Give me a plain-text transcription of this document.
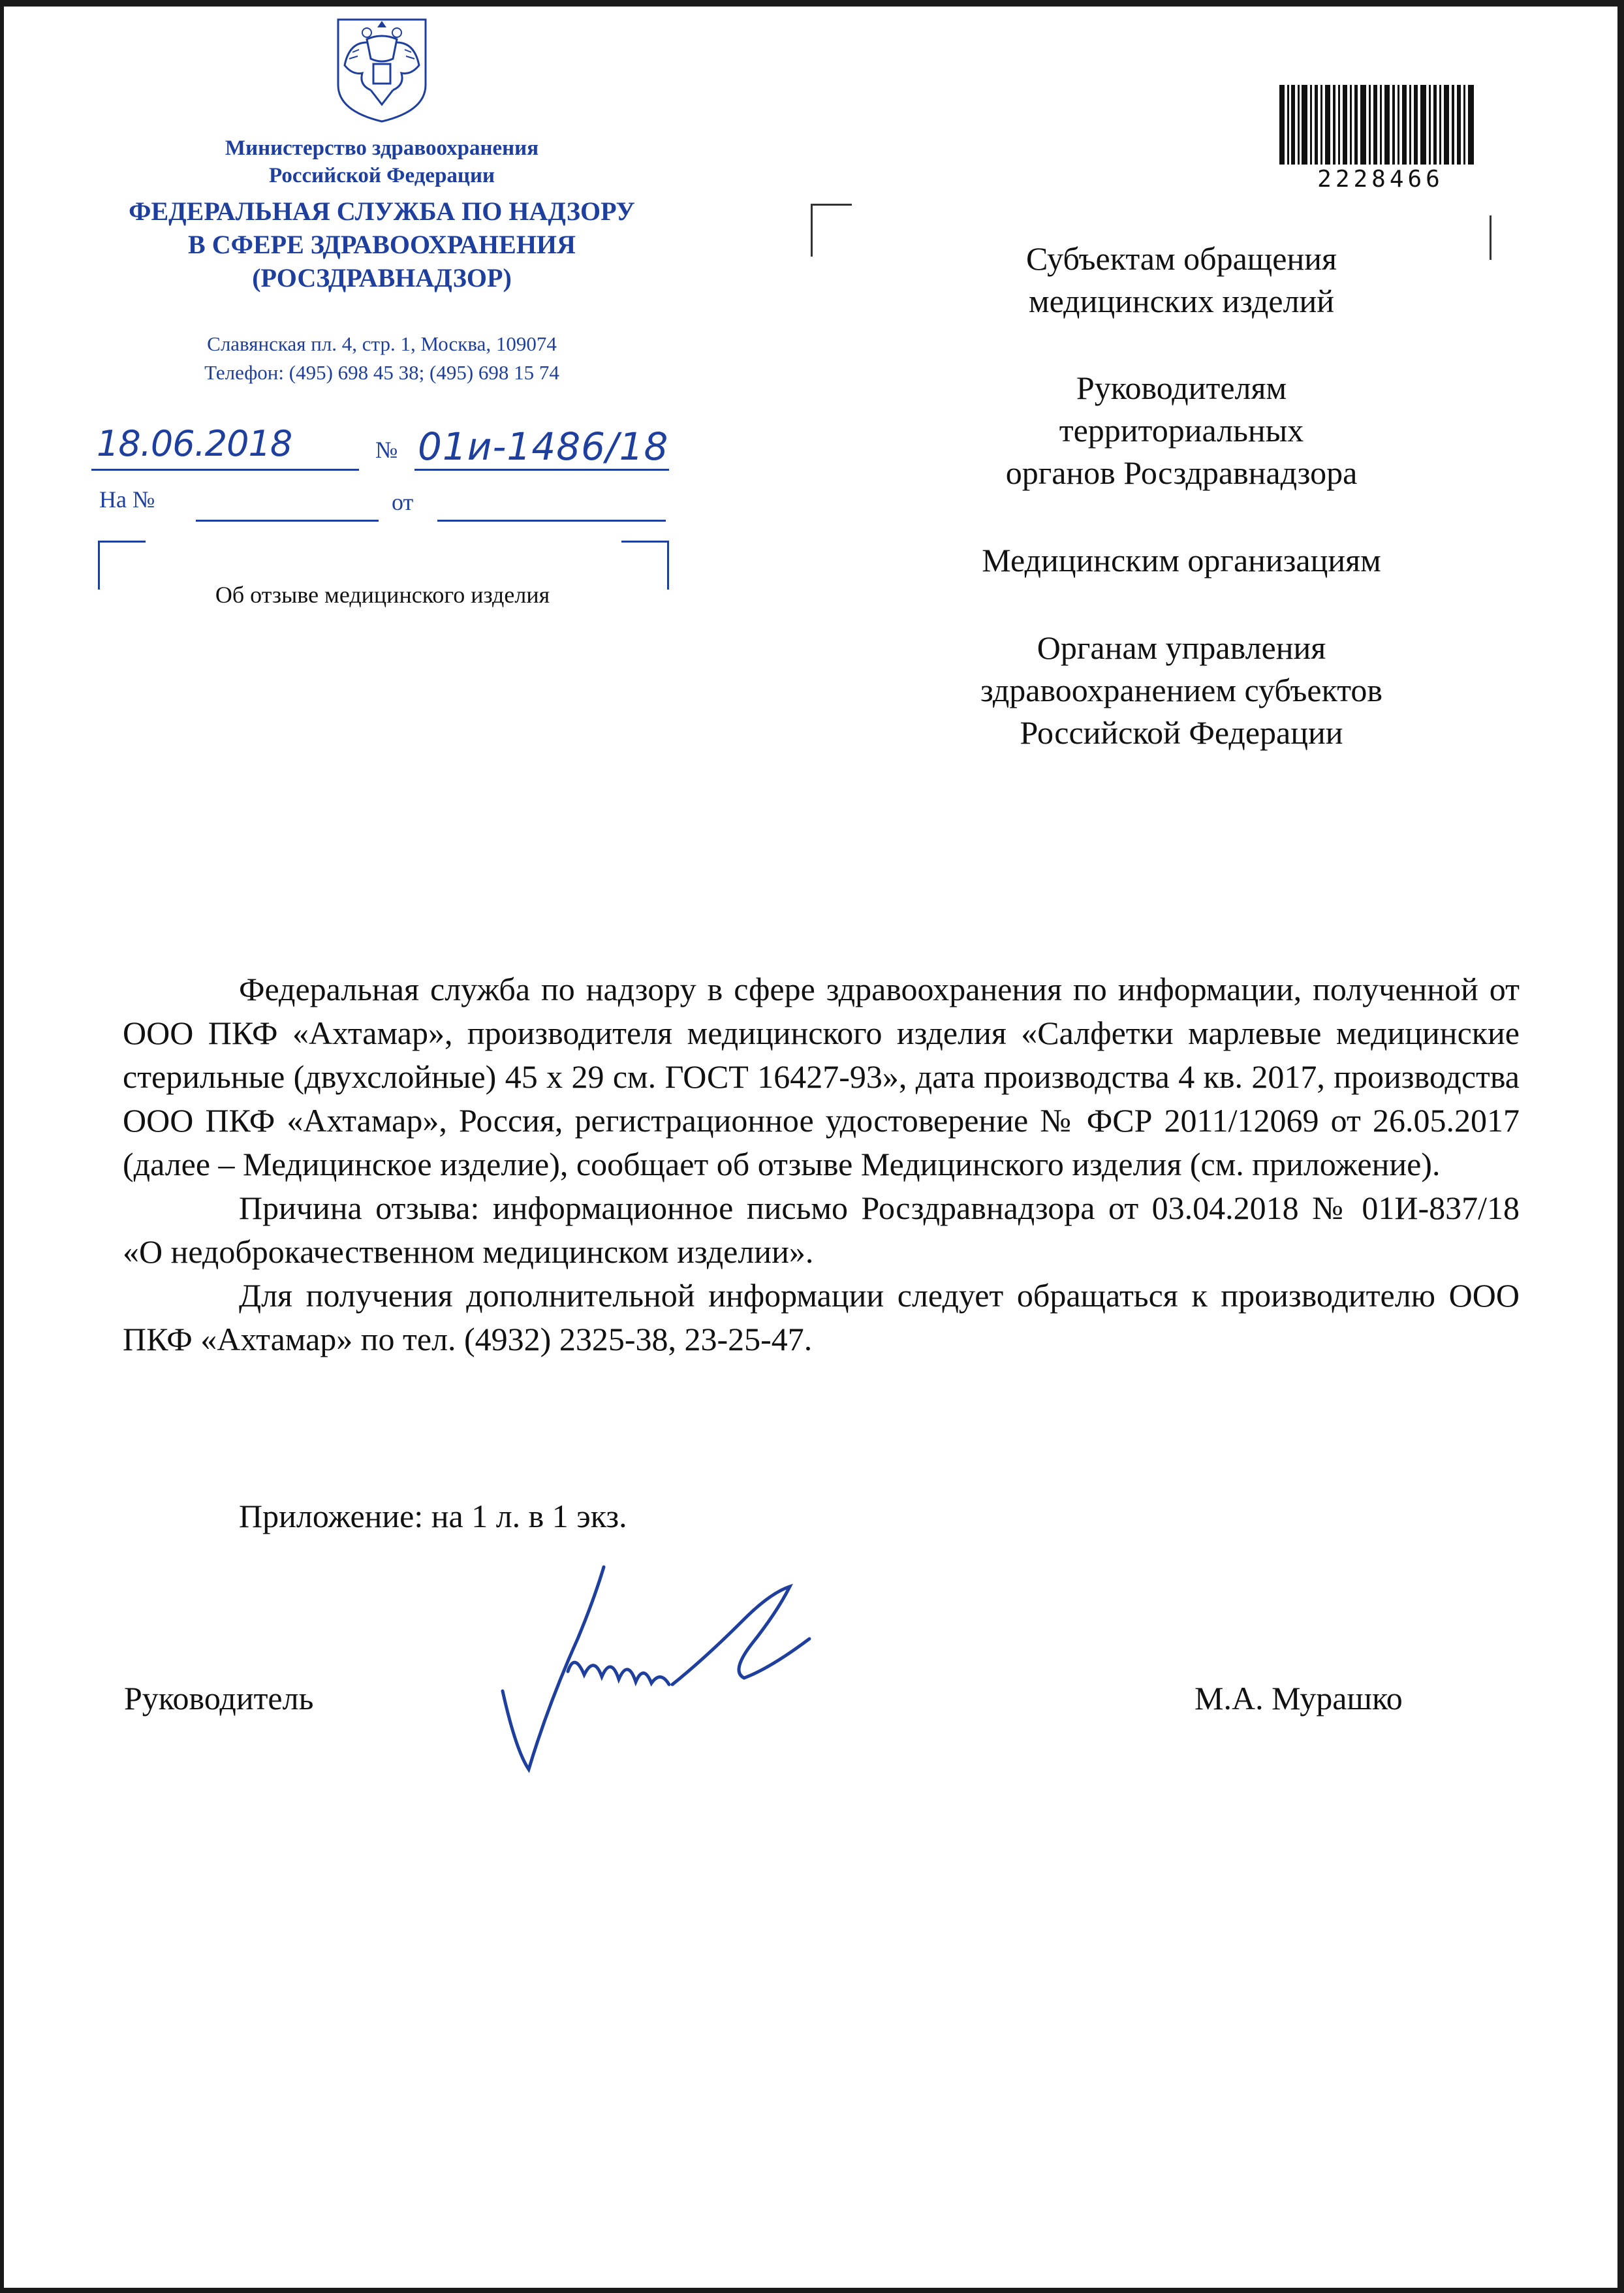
Министерство здравоохранения
Российской Федерации
ФЕДЕРАЛЬНАЯ СЛУЖБА ПО НАДЗОРУ
В СФЕРЕ ЗДРАВООХРАНЕНИЯ
(РОСЗДРАВНАДЗОР)
Славянская пл. 4, стр. 1, Москва, 109074
Телефон: (495) 698 45 38; (495) 698 15 74
18.06.2018	№ 01и-1486/18
На №	от
Об отзыве медицинского изделия
2228466
Субъектам обращения
медицинских изделий
Руководителям
территориальных
органов Росздравнадзора
Медицинским организациям
Органам управления
здравоохранением субъектов
Российской Федерации

Федеральная служба по надзору в сфере здравоохранения по информации, полученной от ООО ПКФ «Ахтамар», производителя медицинского изделия «Салфетки марлевые медицинские стерильные (двухслойные) 45 х 29 см. ГОСТ 16427-93», дата производства 4 кв. 2017, производства ООО ПКФ «Ахтамар», Россия, регистрационное удостоверение № ФСР 2011/12069 от 26.05.2017 (далее – Медицинское изделие), сообщает об отзыве Медицинского изделия (см. приложение).

Причина отзыва: информационное письмо Росздравнадзора от 03.04.2018 № 01И-837/18 «О недоброкачественном медицинском изделии».

Для получения дополнительной информации следует обращаться к производителю ООО ПКФ «Ахтамар» по тел. (4932) 2325-38, 23-25-47.

Приложение: на 1 л. в 1 экз.
Руководитель	М.А. Мурашко
